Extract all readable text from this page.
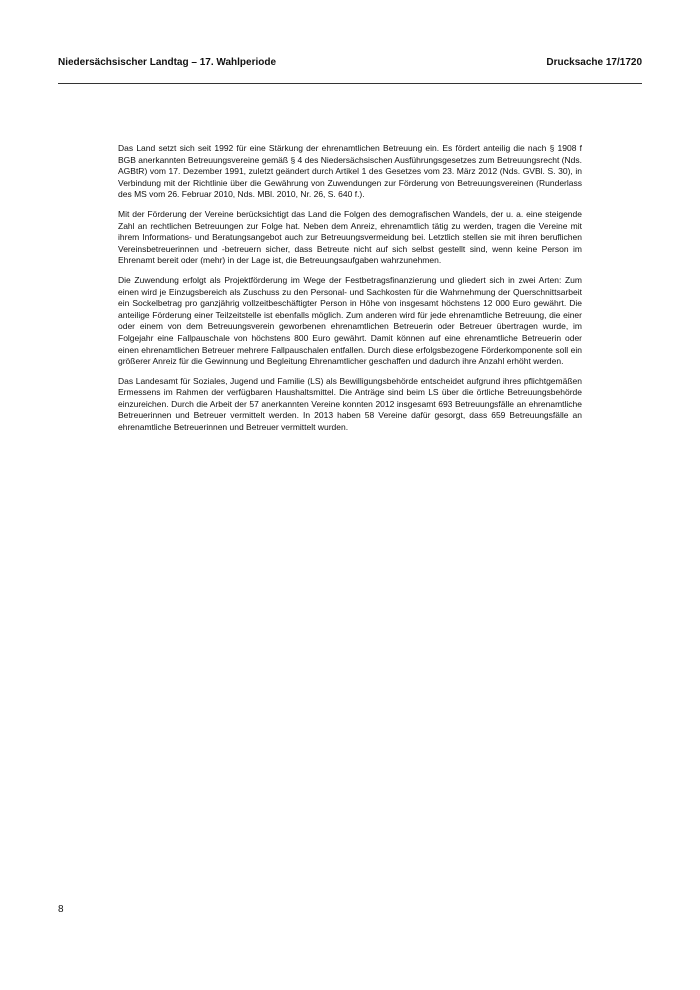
Niedersächsischer Landtag – 17. Wahlperiode	Drucksache 17/1720

Das Land setzt sich seit 1992 für eine Stärkung der ehrenamtlichen Betreuung ein. Es fördert anteilig die nach § 1908 f BGB anerkannten Betreuungsvereine gemäß § 4 des Niedersächsischen Ausführungsgesetzes zum Betreuungsrecht (Nds. AGBtR) vom 17. Dezember 1991, zuletzt geändert durch Artikel 1 des Gesetzes vom 23. März 2012 (Nds. GVBl. S. 30), in Verbindung mit der Richtlinie über die Gewährung von Zuwendungen zur Förderung von Betreuungsvereinen (Runderlass des MS vom 26. Februar 2010, Nds. MBl. 2010, Nr. 26, S. 640 f.).

Mit der Förderung der Vereine berücksichtigt das Land die Folgen des demografischen Wandels, der u. a. eine steigende Zahl an rechtlichen Betreuungen zur Folge hat. Neben dem Anreiz, ehrenamtlich tätig zu werden, tragen die Vereine mit ihrem Informations- und Beratungsangebot auch zur Betreuungsvermeidung bei. Letztlich stellen sie mit ihren beruflichen Vereinsbetreuerinnen und -betreuern sicher, dass Betreute nicht auf sich selbst gestellt sind, wenn keine Person im Ehrenamt bereit oder (mehr) in der Lage ist, die Betreuungsaufgaben wahrzunehmen.

Die Zuwendung erfolgt als Projektförderung im Wege der Festbetragsfinanzierung und gliedert sich in zwei Arten: Zum einen wird je Einzugsbereich als Zuschuss zu den Personal- und Sachkosten für die Wahrnehmung der Querschnittsarbeit ein Sockelbetrag pro ganzjährig vollzeitbeschäftigter Person in Höhe von insgesamt höchstens 12 000 Euro gewährt. Die anteilige Förderung einer Teilzeitstelle ist ebenfalls möglich. Zum anderen wird für jede ehrenamtliche Betreuung, die einer oder einem von dem Betreuungsverein geworbenen ehrenamtlichen Betreuerin oder Betreuer übertragen wurde, im Folgejahr eine Fallpauschale von höchstens 800 Euro gewährt. Damit können auf eine ehrenamtliche Betreuerin oder einen ehrenamtlichen Betreuer mehrere Fallpauschalen entfallen. Durch diese erfolgsbezogene Förderkomponente soll ein größerer Anreiz für die Gewinnung und Begleitung Ehrenamtlicher geschaffen und dadurch ihre Anzahl erhöht werden.

Das Landesamt für Soziales, Jugend und Familie (LS) als Bewilligungsbehörde entscheidet aufgrund ihres pflichtgemäßen Ermessens im Rahmen der verfügbaren Haushaltsmittel. Die Anträge sind beim LS über die örtliche Betreuungsbehörde einzureichen. Durch die Arbeit der 57 anerkannten Vereine konnten 2012 insgesamt 693 Betreuungsfälle an ehrenamtliche Betreuerinnen und Betreuer vermittelt werden. In 2013 haben 58 Vereine dafür gesorgt, dass 659 Betreuungsfälle an ehrenamtliche Betreuerinnen und Betreuer vermittelt wurden.

8
